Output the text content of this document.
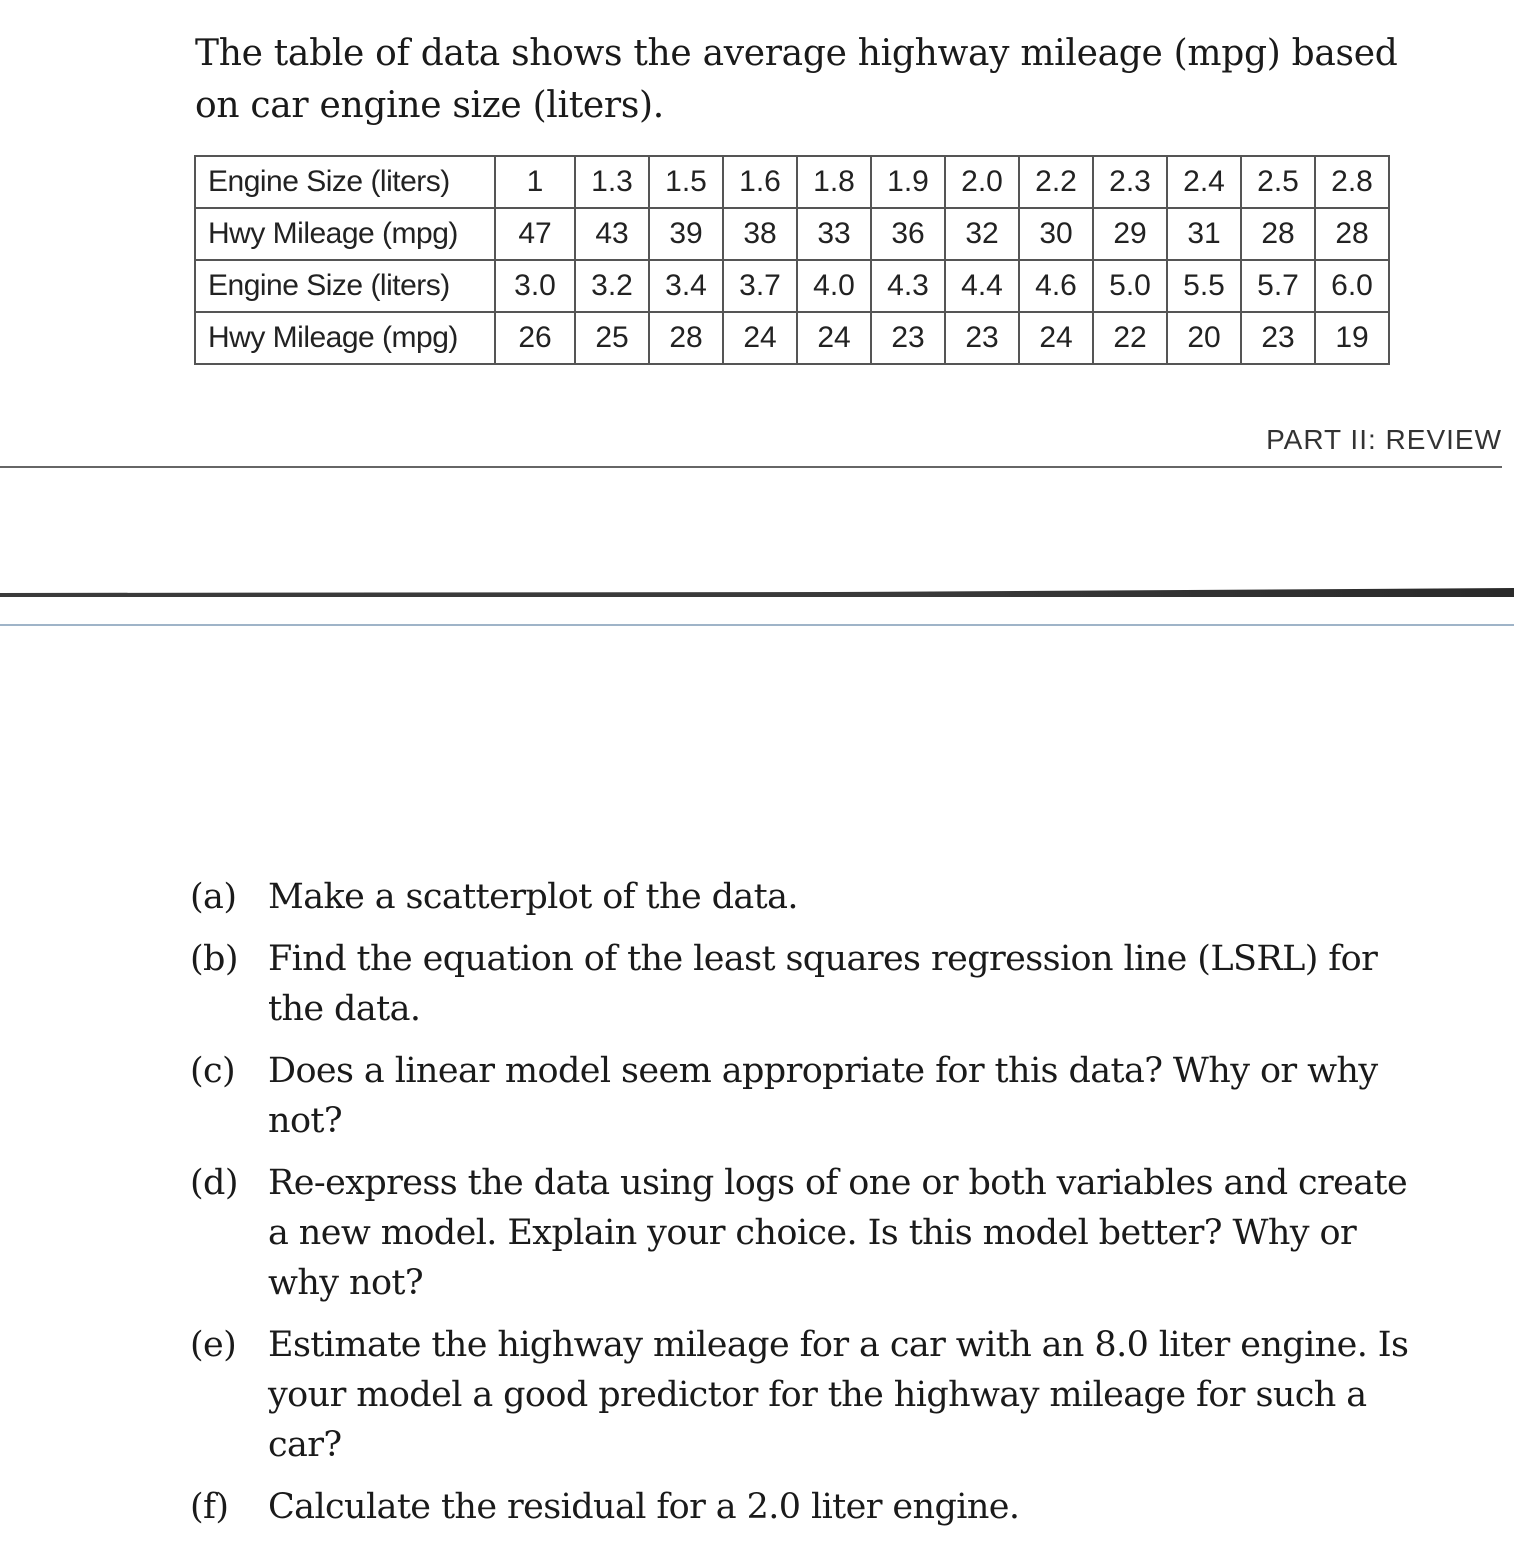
The table of data shows the average highway mileage (mpg) based on car engine size (liters).

Engine Size (liters)	1	1.3	1.5	1.6	1.8	1.9	2.0	2.2	2.3	2.4	2.5	2.8
Hwy Mileage (mpg)	47	43	39	38	33	36	32	30	29	31	28	28
Engine Size (liters)	3.0	3.2	3.4	3.7	4.0	4.3	4.4	4.6	5.0	5.5	5.7	6.0
Hwy Mileage (mpg)	26	25	28	24	24	23	23	24	22	20	23	19
PART II: REVIEW
(a) Make a scatterplot of the data.
(b) Find the equation of the least squares regression line (LSRL) for the data.
(c) Does a linear model seem appropriate for this data? Why or why not?
(d) Re-express the data using logs of one or both variables and create a new model. Explain your choice. Is this model better? Why or why not?
(e) Estimate the highway mileage for a car with an 8.0 liter engine. Is your model a good predictor for the highway mileage for such a car?
(f)	Calculate the residual for a 2.0 liter engine.
